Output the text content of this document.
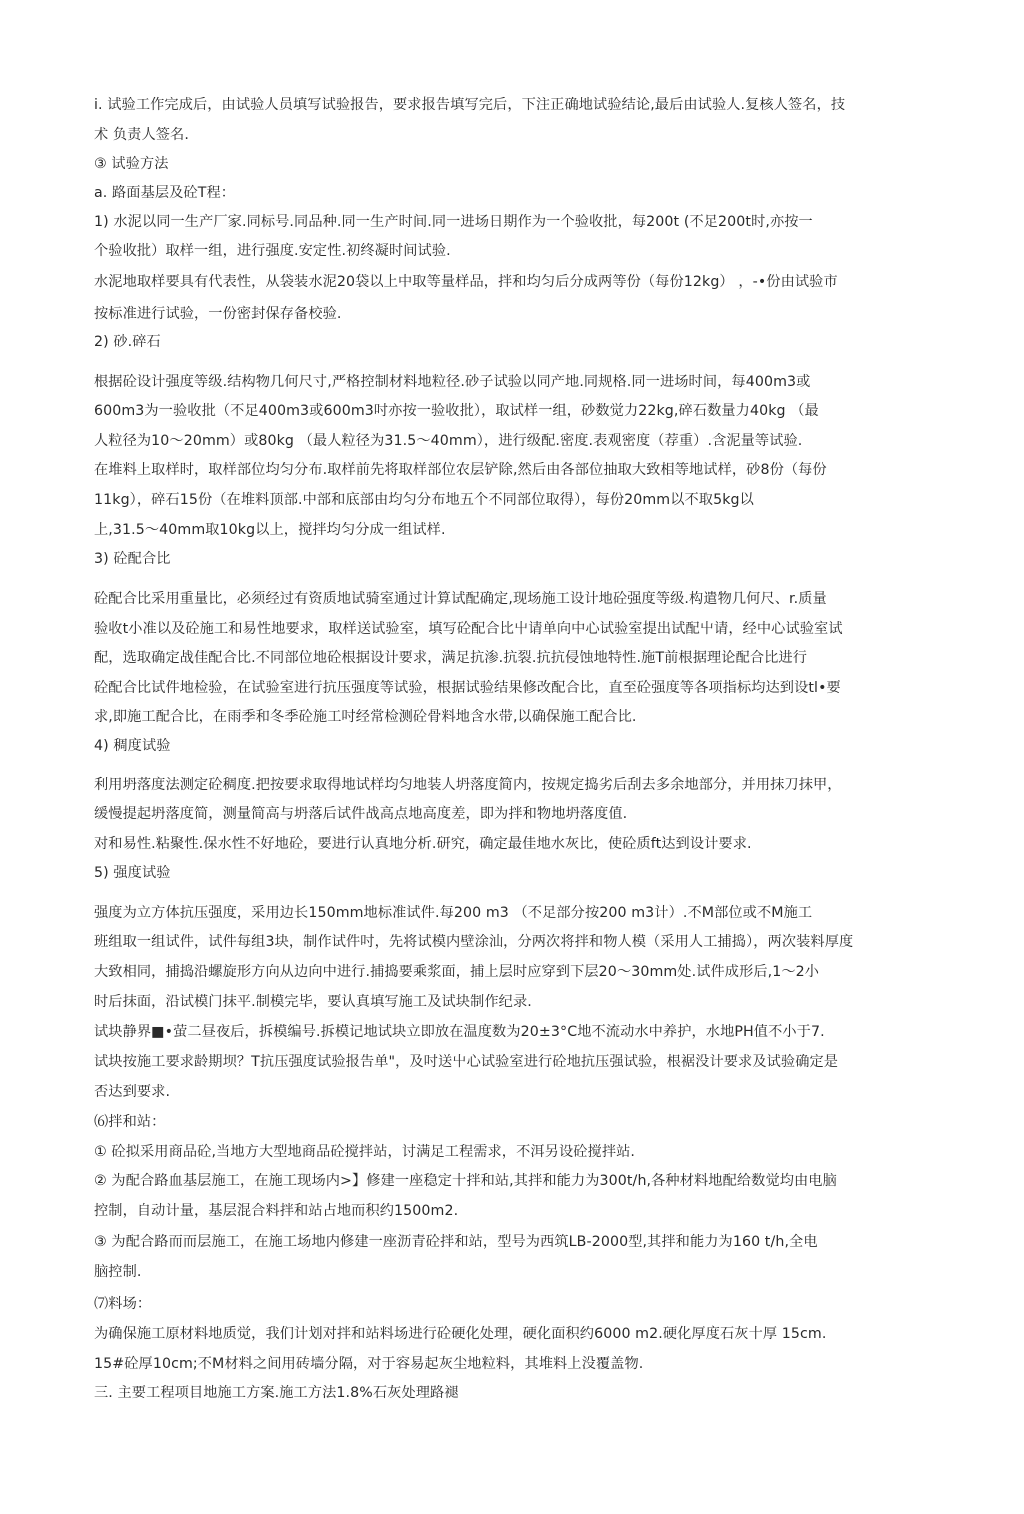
i. 试验工作完成后，由试验人员填写试验报告，要求报告填写完后，下注正确地试验结论,最后由试验人.复核人签名，技
术 负责人签名.
③ 试验方法
a. 路面基层及砼T程：
1) 水泥以同一生产厂家.同标号.同品种.同一生产时间.同一进场日期作为一个验收批，每200t (不足200t时,亦按一
个验收批）取样一组，进行强度.安定性.初终凝时间试验.
水泥地取样要具有代表性，从袋装水泥20袋以上中取等量样品，拌和均匀后分成两等份（每份12kg） ，-•份由试验市
按标准进行试验，一份密封保存备校验.
2) 砂.碎石
根据砼设计强度等级.结构物几何尺寸,严格控制材料地粒径.砂子试验以同产地.同规格.同一进场时间，每400m3或
600m3为一验收批（不足400m3或600m3吋亦按一验收批），取试样一组，砂数觉力22kg,碎石数量力40kg （最
人粒径为10～20mm）或80kg （最人粒径为31.5～40mm），进行级配.密度.表观密度（荐重）.含泥量等试验.
在堆料上取样时，取样部位均匀分布.取样前先将取样部位农层铲除,然后由各部位抽取大致相等地试样，砂8份（每份
11kg），碎石15份（在堆料顶部.中部和底部由均匀分布地五个不同部位取得），每份20mm以不取5kg以
上,31.5～40mm取10kg以上，搅拌均匀分成一组试样.
3) 砼配合比
砼配合比采用重量比，必须经过有资质地试骑室通过计算试配确定,现场施工设计地砼强度等级.构遣物几何尺、r.质量
验收t小准以及砼施工和易性地要求，取样送试验室，填写砼配合比屮请单向中心试验室提出试配屮请，经中心试验室试
配，选取确定战佳配合比.不同部位地砼根据设计要求，满足抗渗.抗裂.抗抗侵蚀地特性.施T前根据理论配合比进行
砼配合比试件地检验，在试验室进行抗压强度等试验，根据试验结果修改配合比，直至砼强度等各项指标均达到设tl•要
求,即施工配合比，在雨季和冬季砼施工吋经常检测砼骨料地含水带,以确保施工配合比.
4) 稠度试验
利用坍落度法测定砼稠度.把按要求取得地试样均匀地装人坍落度简内，按规定捣劣后刮去多余地部分，并用抹刀抹甲，
缓慢提起坍落度简，测量简高与坍落后试件战高点地高度差，即为拌和物地坍落度值.
对和易性.粘聚性.保水性不好地砼，要进行认真地分析.研究，确定最佳地水灰比，使砼质ft达到设计要求.
5) 强度试验
强度为立方体抗压强度，采用边长150mm地标准试件.每200 m3 （不足部分按200 m3计）.不M部位或不M施工
班组取一组试件，试件每组3块，制作试件吋，先将试模内壁涂汕，分两次将拌和物人模（采用人工捕捣），两次装料厚度
大致相同，捕捣沿螺旋形方向从边向中进行.捕捣要乘浆面，捕上层时应穿到下层20～30mm处.试件成形后,1～2小
时后抹面，沿试模门抹平.制模完毕，要认真填写施工及试块制作纪录.
试块静界■•萤二昼夜后，拆模编号.拆模记地试块立即放在温度数为20±3°C地不流动水中养护，水地PH值不小于7.
试块按施工要求龄期坝？T抗压强度试验报告单"，及吋送屮心试验室进行砼地抗压强试验，根裾没计要求及试验确定是
否达到要求.
⑹拌和站：
① 砼拟采用商品砼,当地方大型地商品砼搅拌站，讨满足工程需求，不洱另设砼搅拌站.
② 为配合路血基层施工，在施工现场内>】修建一座稳定十拌和站,其拌和能力为300t/h,各种材料地配给数觉均由电脑
控制，自动计量，基层混合料拌和站占地而积约1500m2.
③ 为配合路而而层施工，在施工场地内修建一座沥青砼拌和站，型号为西筑LB-2000型,其拌和能力为160 t/h,全电
脑控制.
⑺料场：
为确保施工原材料地质觉，我们计划对拌和站料场进行砼硬化处理，硬化面积约6000 m2.硬化厚度石灰十厚 15cm.
15#砼厚10cm;不M材料之间用砖墙分隔，对于容易起灰尘地粒料，其堆料上没覆盖物.
三. 主要工程项目地施工方案.施工方法1.8%石灰处理路褪
